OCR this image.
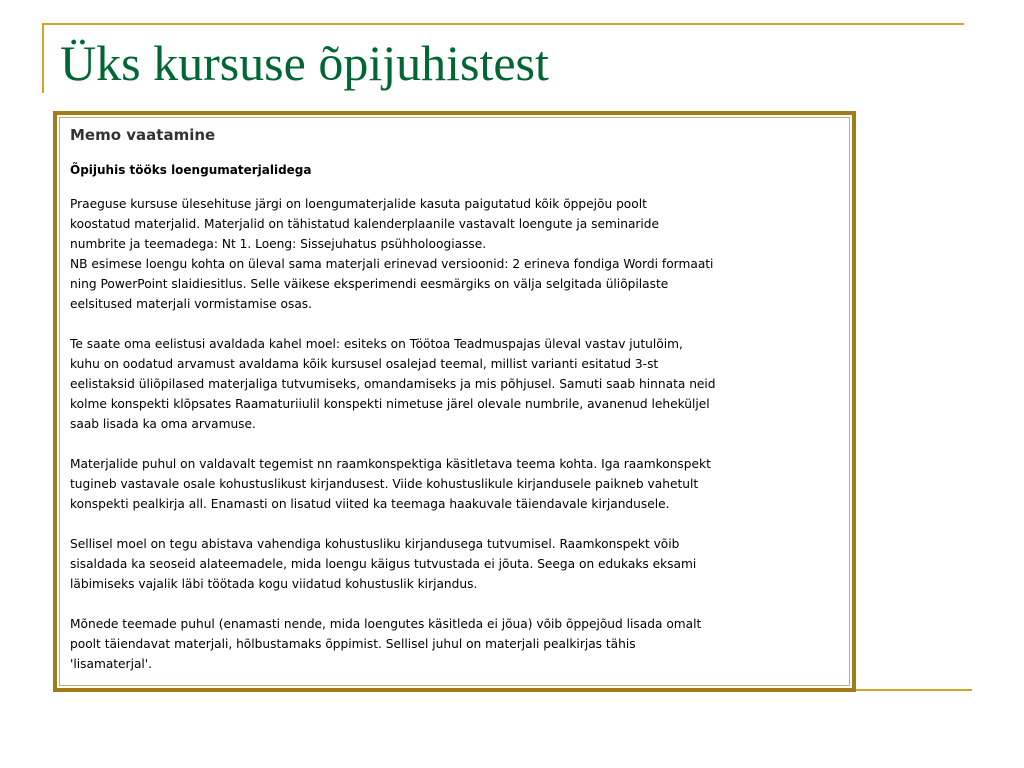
Üks kursuse õpijuhistest
Memo vaatamine
Õpijuhis tööks loengumaterjalidega
Praeguse kursuse ülesehituse järgi on loengumaterjalide kasuta paigutatud kõik õppejõu poolt
koostatud materjalid. Materjalid on tähistatud kalenderplaanile vastavalt loengute ja seminaride
numbrite ja teemadega: Nt 1. Loeng: Sissejuhatus psühholoogiasse.
NB esimese loengu kohta on üleval sama materjali erinevad versioonid: 2 erineva fondiga Wordi formaati
ning PowerPoint slaidiesitlus. Selle väikese eksperimendi eesmärgiks on välja selgitada üliõpilaste
eelsitused materjali vormistamise osas.
Te saate oma eelistusi avaldada kahel moel: esiteks on Töötoa Teadmuspajas üleval vastav jutulõim,
kuhu on oodatud arvamust avaldama kõik kursusel osalejad teemal, millist varianti esitatud 3-st
eelistaksid üliõpilased materjaliga tutvumiseks, omandamiseks ja mis põhjusel. Samuti saab hinnata neid
kolme konspekti klõpsates Raamaturiiulil konspekti nimetuse järel olevale numbrile, avanenud leheküljel
saab lisada ka oma arvamuse.
Materjalide puhul on valdavalt tegemist nn raamkonspektiga käsitletava teema kohta. Iga raamkonspekt
tugineb vastavale osale kohustuslikust kirjandusest. Viide kohustuslikule kirjandusele paikneb vahetult
konspekti pealkirja all. Enamasti on lisatud viited ka teemaga haakuvale täiendavale kirjandusele.
Sellisel moel on tegu abistava vahendiga kohustusliku kirjandusega tutvumisel. Raamkonspekt võib
sisaldada ka seoseid alateemadele, mida loengu käigus tutvustada ei jõuta. Seega on edukaks eksami
läbimiseks vajalik läbi töötada kogu viidatud kohustuslik kirjandus.
Mõnede teemade puhul (enamasti nende, mida loengutes käsitleda ei jõua) võib õppejõud lisada omalt
poolt täiendavat materjali, hõlbustamaks õppimist. Sellisel juhul on materjali pealkirjas tähis
'lisamaterjal'.
